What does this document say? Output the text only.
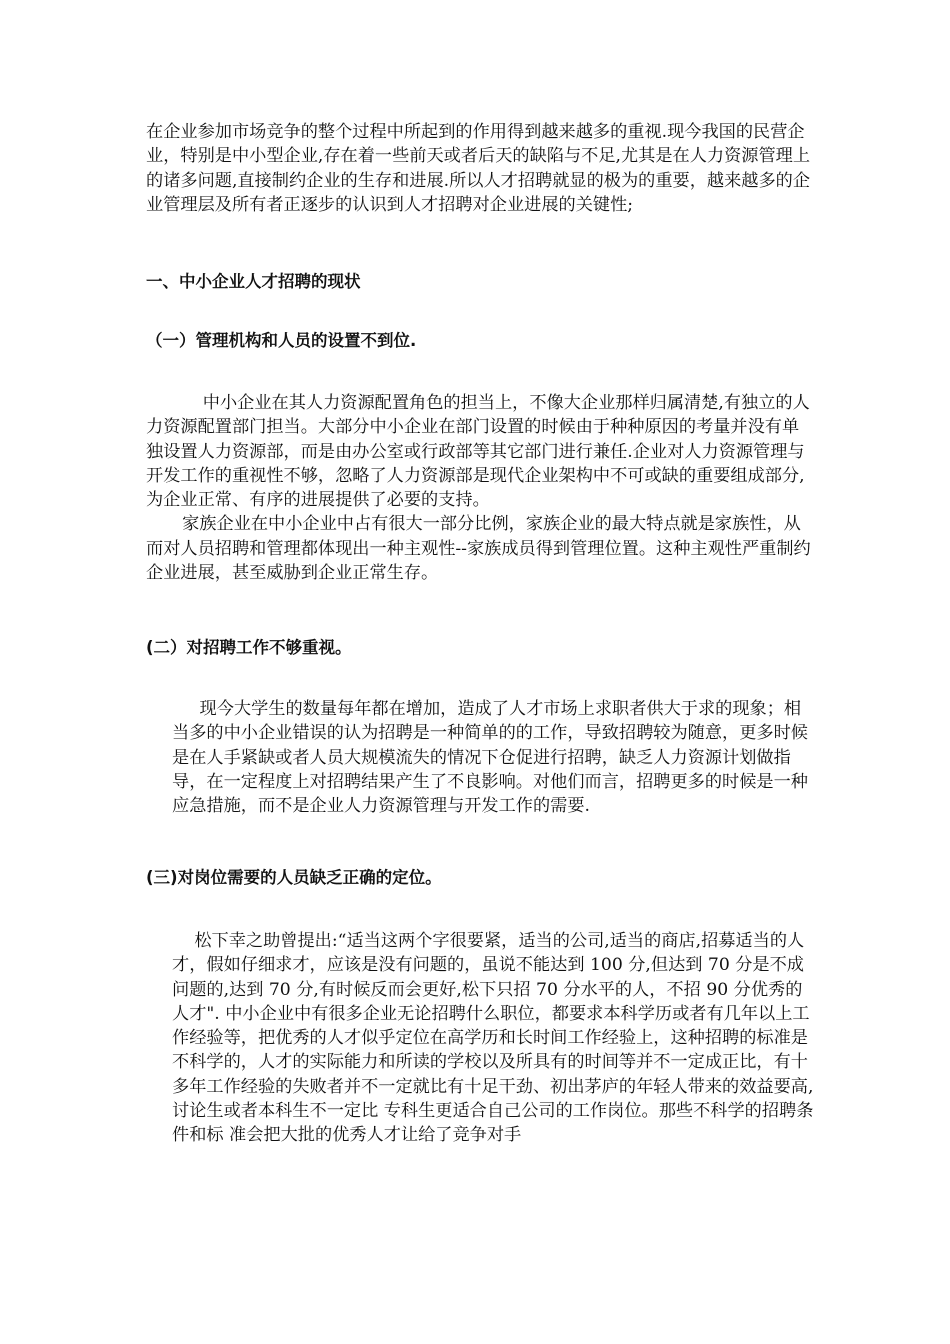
在企业参加市场竞争的整个过程中所起到的作用得到越来越多的重视.现今我国的民营企业，特别是中小型企业,存在着一些前天或者后天的缺陷与不足,尤其是在人力资源管理上的诸多问题,直接制约企业的生存和进展.所以人才招聘就显的极为的重要，越来越多的企业管理层及所有者正逐步的认识到人才招聘对企业进展的关键性;

一、中小企业人才招聘的现状
（一）管理机构和人员的设置不到位.

中小企业在其人力资源配置角色的担当上，不像大企业那样归属清楚,有独立的人力资源配置部门担当。大部分中小企业在部门设置的时候由于种种原因的考量并没有单独设置人力资源部，而是由办公室或行政部等其它部门进行兼任.企业对人力资源管理与开发工作的重视性不够，忽略了人力资源部是现代企业架构中不可或缺的重要组成部分,为企业正常、有序的进展提供了必要的支持。

家族企业在中小企业中占有很大一部分比例，家族企业的最大特点就是家族性，从而对人员招聘和管理都体现出一种主观性--家族成员得到管理位置。这种主观性严重制约企业进展，甚至威胁到企业正常生存。

(二）对招聘工作不够重视。

现今大学生的数量每年都在增加，造成了人才市场上求职者供大于求的现象；相当多的中小企业错误的认为招聘是一种简单的的工作，导致招聘较为随意，更多时候是在人手紧缺或者人员大规模流失的情况下仓促进行招聘，缺乏人力资源计划做指导，在一定程度上对招聘结果产生了不良影响。对他们而言，招聘更多的时候是一种应急措施，而不是企业人力资源管理与开发工作的需要.

(三)对岗位需要的人员缺乏正确的定位。

松下幸之助曾提出:“适当这两个字很要紧，适当的公司,适当的商店,招募适当的人才，假如仔细求才，应该是没有问题的，虽说不能达到 100 分,但达到 70 分是不成问题的,达到 70 分,有时候反而会更好,松下只招 70 分水平的人，不招 90 分优秀的人才". 中小企业中有很多企业无论招聘什么职位，都要求本科学历或者有几年以上工作经验等，把优秀的人才似乎定位在高学历和长时间工作经验上，这种招聘的标准是不科学的，人才的实际能力和所读的学校以及所具有的时间等并不一定成正比，有十多年工作经验的失败者并不一定就比有十足干劲、初出茅庐的年轻人带来的效益要高,讨论生或者本科生不一定比 专科生更适合自己公司的工作岗位。那些不科学的招聘条件和标 准会把大批的优秀人才让给了竞争对手
